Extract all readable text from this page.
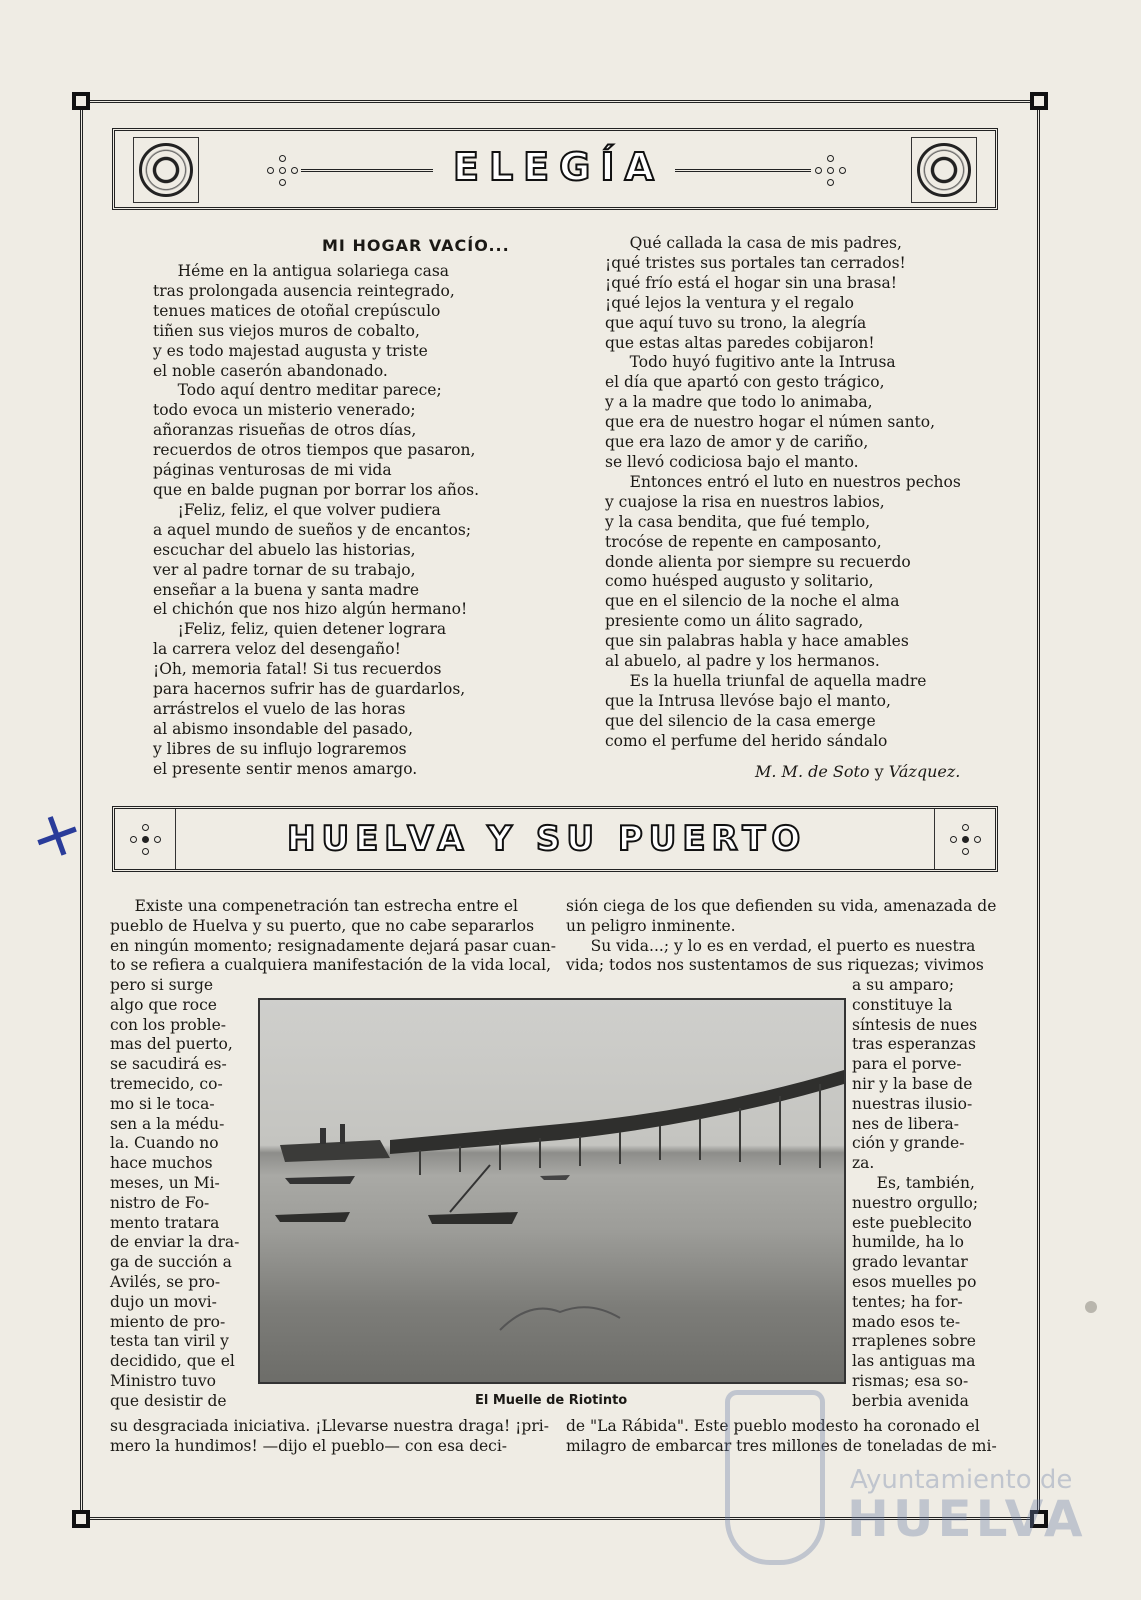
ELEGÍA
MI HOGAR VACÍO...
Héme en la antigua solariega casa
tras prolongada ausencia reintegrado,
tenues matices de otoñal crepúsculo
tiñen sus viejos muros de cobalto,
y es todo majestad augusta y triste
el noble caserón abandonado.
Todo aquí dentro meditar parece;
todo evoca un misterio venerado;
añoranzas risueñas de otros días,
recuerdos de otros tiempos que pasaron,
páginas venturosas de mi vida
que en balde pugnan por borrar los años.
¡Feliz, feliz, el que volver pudiera
a aquel mundo de sueños y de encantos;
escuchar del abuelo las historias,
ver al padre tornar de su trabajo,
enseñar a la buena y santa madre
el chichón que nos hizo algún hermano!
¡Feliz, feliz, quien detener lograra
la carrera veloz del desengaño!
¡Oh, memoria fatal! Si tus recuerdos
para hacernos sufrir has de guardarlos,
arrástrelos el vuelo de las horas
al abismo insondable del pasado,
y libres de su influjo lograremos
el presente sentir menos amargo.
Qué callada la casa de mis padres,
¡qué tristes sus portales tan cerrados!
¡qué frío está el hogar sin una brasa!
¡qué lejos la ventura y el regalo
que aquí tuvo su trono, la alegría
que estas altas paredes cobijaron!
Todo huyó fugitivo ante la Intrusa
el día que apartó con gesto trágico,
y a la madre que todo lo animaba,
que era de nuestro hogar el númen santo,
que era lazo de amor y de cariño,
se llevó codiciosa bajo el manto.
Entonces entró el luto en nuestros pechos
y cuajose la risa en nuestros labios,
y la casa bendita, que fué templo,
trocóse de repente en camposanto,
donde alienta por siempre su recuerdo
como huésped augusto y solitario,
que en el silencio de la noche el alma
presiente como un álito sagrado,
que sin palabras habla y hace amables
al abuelo, al padre y los hermanos.
Es la huella triunfal de aquella madre
que la Intrusa llevóse bajo el manto,
que del silencio de la casa emerge
como el perfume del herido sándalo
M. M. de Soto y Vázquez.
+	HUELVA Y SU PUERTO
Existe una compenetración tan estrecha entre el
pueblo de Huelva y su puerto, que no cabe separarlos
en ningún momento; resignadamente dejará pasar cuan-
to se refiera a cualquiera manifestación de la vida local,
pero si surge
algo que roce
con los proble-
mas del puerto,
se sacudirá es-
tremecido, co-
mo si le toca-
sen a la médu-
la. Cuando no
hace muchos
meses, un Mi-
nistro de Fo-
mento tratara
de enviar la dra-
ga de succión a
Avilés, se pro-
dujo un movi-
miento de pro-
testa tan viril y
decidido, que el
Ministro tuvo
que desistir de
su desgraciada iniciativa. ¡Llevarse nuestra draga! ¡pri-
mero la hundimos! —dijo el pueblo— con esa deci-
sión ciega de los que defienden su vida, amenazada de
un peligro inminente.
Su vida...; y lo es en verdad, el puerto es nuestra
vida; todos nos sustentamos de sus riquezas; vivimos
a su amparo;
constituye la
síntesis de nues
tras esperanzas
para el porve-
nir y la base de
nuestras ilusio-
nes de libera-
ción y grande-
za.
Es, también,
nuestro orgullo;
este pueblecito
humilde, ha lo
grado levantar
esos muelles po
tentes; ha for-
mado esos te-
rraplenes sobre
las antiguas ma
rismas; esa so-
berbia avenida
de "La Rábida". Este pueblo modesto ha coronado el
milagro de embarcar tres millones de toneladas de mi-
El Muelle de Riotinto
Ayuntamiento de
HUELVA
